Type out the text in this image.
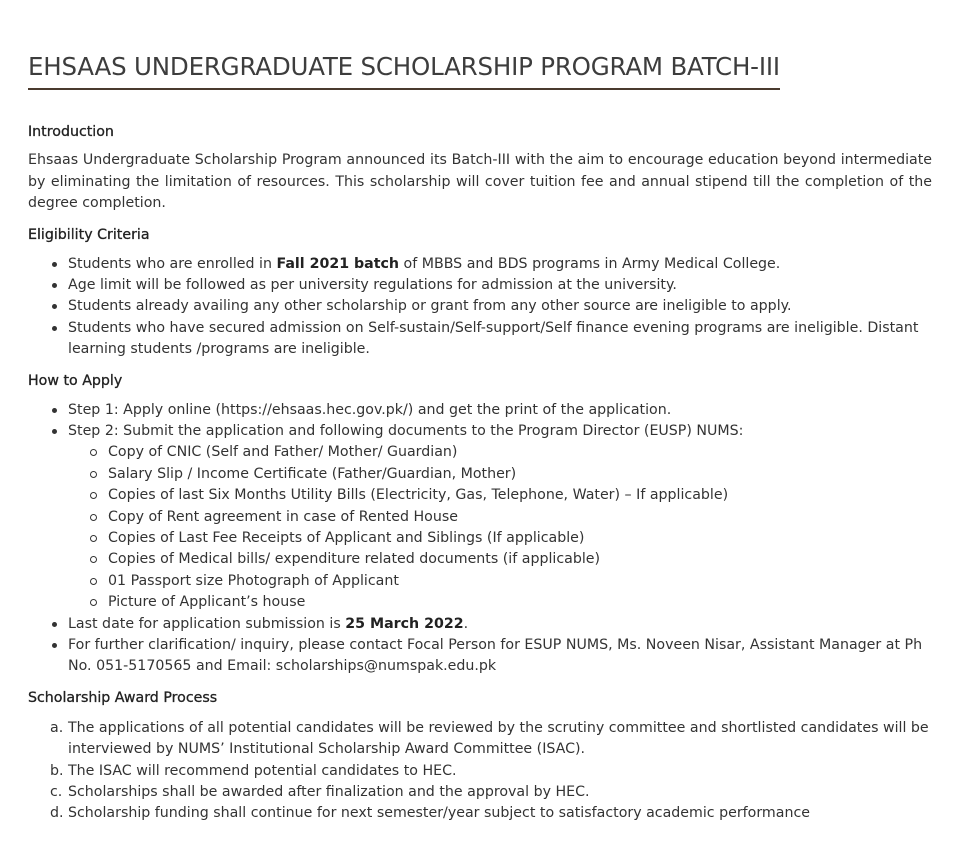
EHSAAS UNDERGRADUATE SCHOLARSHIP PROGRAM BATCH-III
Introduction

Ehsaas Undergraduate Scholarship Program announced its Batch-III with the aim to encourage education beyond intermediate by eliminating the limitation of resources. This scholarship will cover tuition fee and annual stipend till the completion of the degree completion.

Eligibility Criteria
Students who are enrolled in Fall 2021 batch of MBBS and BDS programs in Army Medical College.
Age limit will be followed as per university regulations for admission at the university.
Students already availing any other scholarship or grant from any other source are ineligible to apply.
Students who have secured admission on Self-sustain/Self-support/Self finance evening programs are ineligible. Distant learning students /programs are ineligible.
How to Apply
Step 1: Apply online (https://ehsaas.hec.gov.pk/) and get the print of the application.
Step 2: Submit the application and following documents to the Program Director (EUSP) NUMS:
Copy of CNIC (Self and Father/ Mother/ Guardian)
Salary Slip / Income Certificate (Father/Guardian, Mother)
Copies of last Six Months Utility Bills (Electricity, Gas, Telephone, Water) – If applicable)
Copy of Rent agreement in case of Rented House
Copies of Last Fee Receipts of Applicant and Siblings (If applicable)
Copies of Medical bills/ expenditure related documents (if applicable)
01 Passport size Photograph of Applicant
Picture of Applicant’s house
Last date for application submission is 25 March 2022.
For further clarification/ inquiry, please contact Focal Person for ESUP NUMS, Ms. Noveen Nisar, Assistant Manager at Ph No. 051-5170565 and Email: scholarships@numspak.edu.pk
Scholarship Award Process
a. The applications of all potential candidates will be reviewed by the scrutiny committee and shortlisted candidates will be interviewed by NUMS’ Institutional Scholarship Award Committee (ISAC).
b. The ISAC will recommend potential candidates to HEC.
c. Scholarships shall be awarded after finalization and the approval by HEC.
d. Scholarship funding shall continue for next semester/year subject to satisfactory academic performance
